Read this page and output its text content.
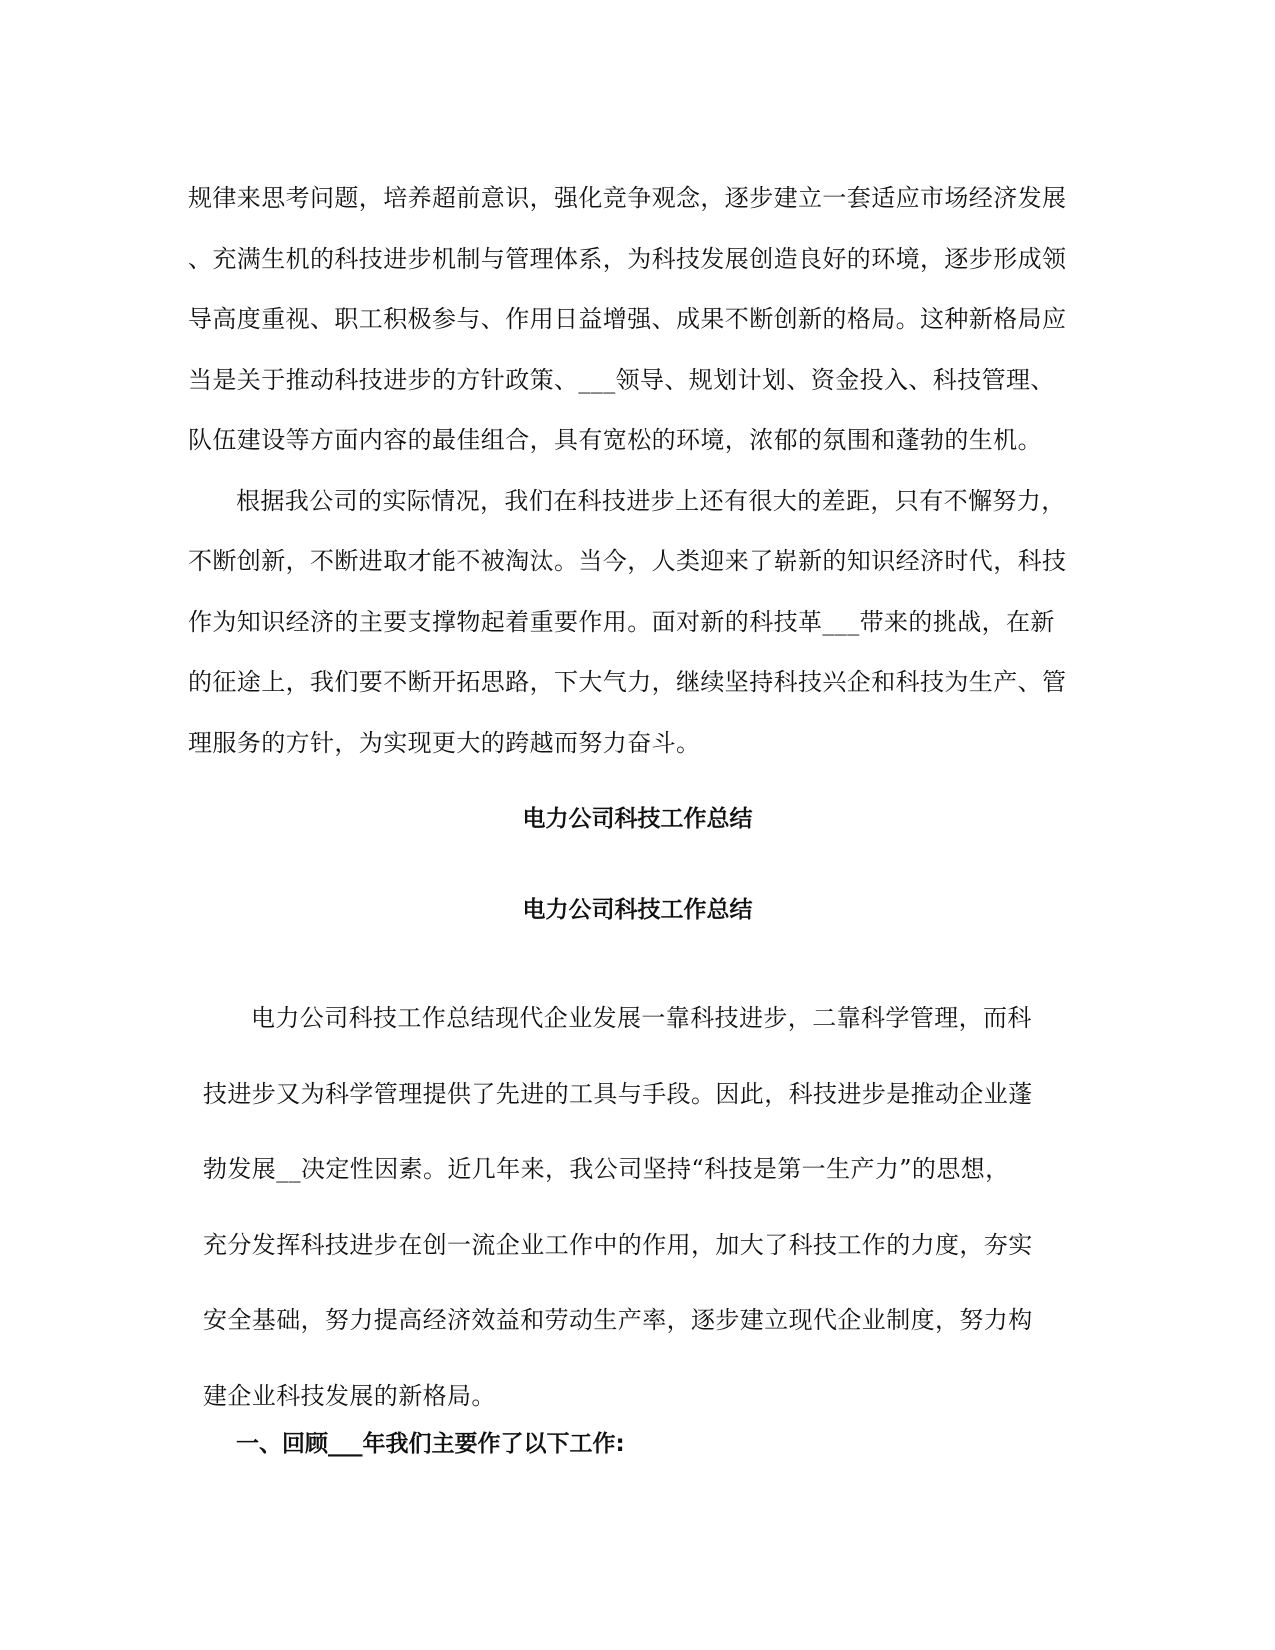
规律来思考问题，培养超前意识，强化竞争观念，逐步建立一套适应市场经济发展
、充满生机的科技进步机制与管理体系，为科技发展创造良好的环境，逐步形成领
导高度重视、职工积极参与、作用日益增强、成果不断创新的格局。这种新格局应
当是关于推动科技进步的方针政策、___领导、规划计划、资金投入、科技管理、
队伍建设等方面内容的最佳组合，具有宽松的环境，浓郁的氛围和蓬勃的生机。
根据我公司的实际情况，我们在科技进步上还有很大的差距，只有不懈努力，
不断创新，不断进取才能不被淘汰。当今，人类迎来了崭新的知识经济时代，科技
作为知识经济的主要支撑物起着重要作用。面对新的科技革___带来的挑战，在新
的征途上，我们要不断开拓思路，下大气力，继续坚持科技兴企和科技为生产、管
理服务的方针，为实现更大的跨越而努力奋斗。

电力公司科技工作总结
电力公司科技工作总结

电力公司科技工作总结现代企业发展一靠科技进步，二靠科学管理，而科
技进步又为科学管理提供了先进的工具与手段。因此，科技进步是推动企业蓬
勃发展__决定性因素。近几年来，我公司坚持“科技是第一生产力”的思想，
充分发挥科技进步在创一流企业工作中的作用，加大了科技工作的力度，夯实
安全基础，努力提高经济效益和劳动生产率，逐步建立现代企业制度，努力构
建企业科技发展的新格局。

一、回顾___年我们主要作了以下工作:
